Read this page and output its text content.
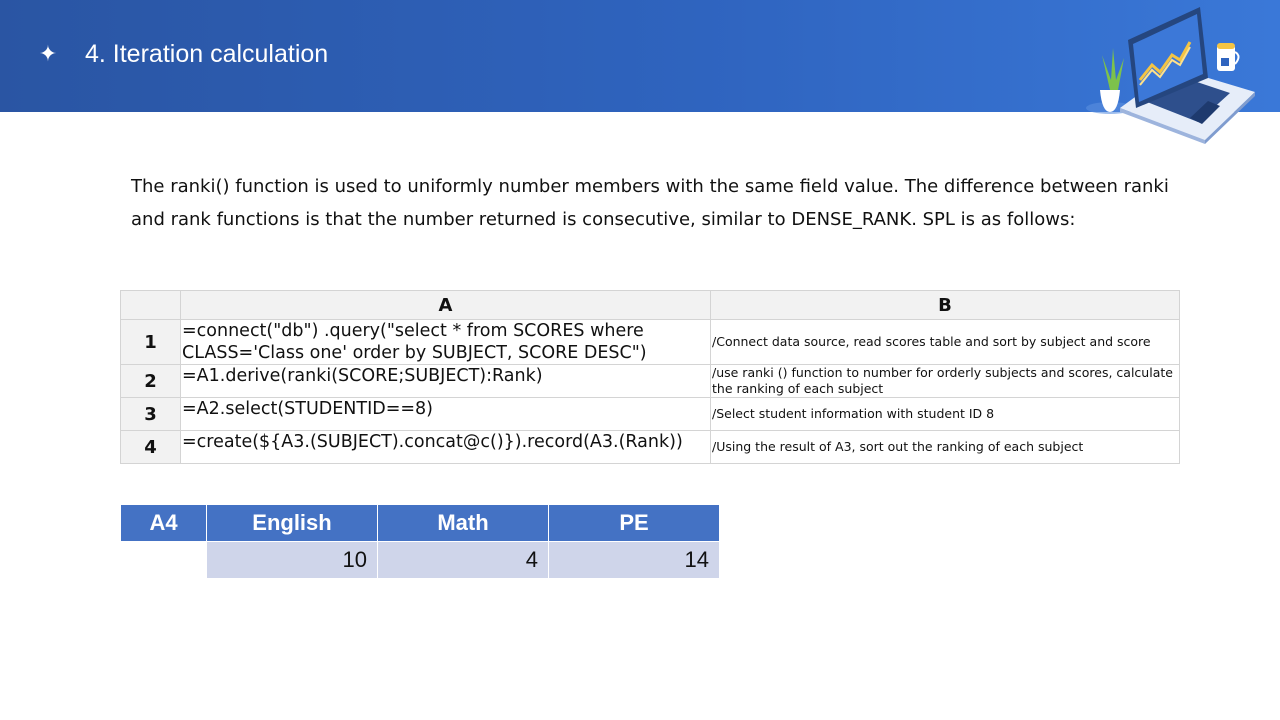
✦ 4. Iteration calculation

The ranki() function is used to uniformly number members with the same field value. The difference between ranki

and rank functions is that the number returned is consecutive, similar to DENSE_RANK. SPL is as follows:

	A	B
1	=connect("db") .query("select * from SCORES where CLASS='Class one' order by SUBJECT, SCORE DESC")	/Connect data source, read scores table and sort by subject and score
2	=A1.derive(ranki(SCORE;SUBJECT):Rank)	/use ranki () function to number for orderly subjects and scores, calculate the ranking of each subject
3	=A2.select(STUDENTID==8)	/Select student information with student ID 8
4	=create(${A3.(SUBJECT).concat@c()}).record(A3.(Rank))	/Using the result of A3, sort out the ranking of each subject
A4	English	Math	PE
	10	4	14
